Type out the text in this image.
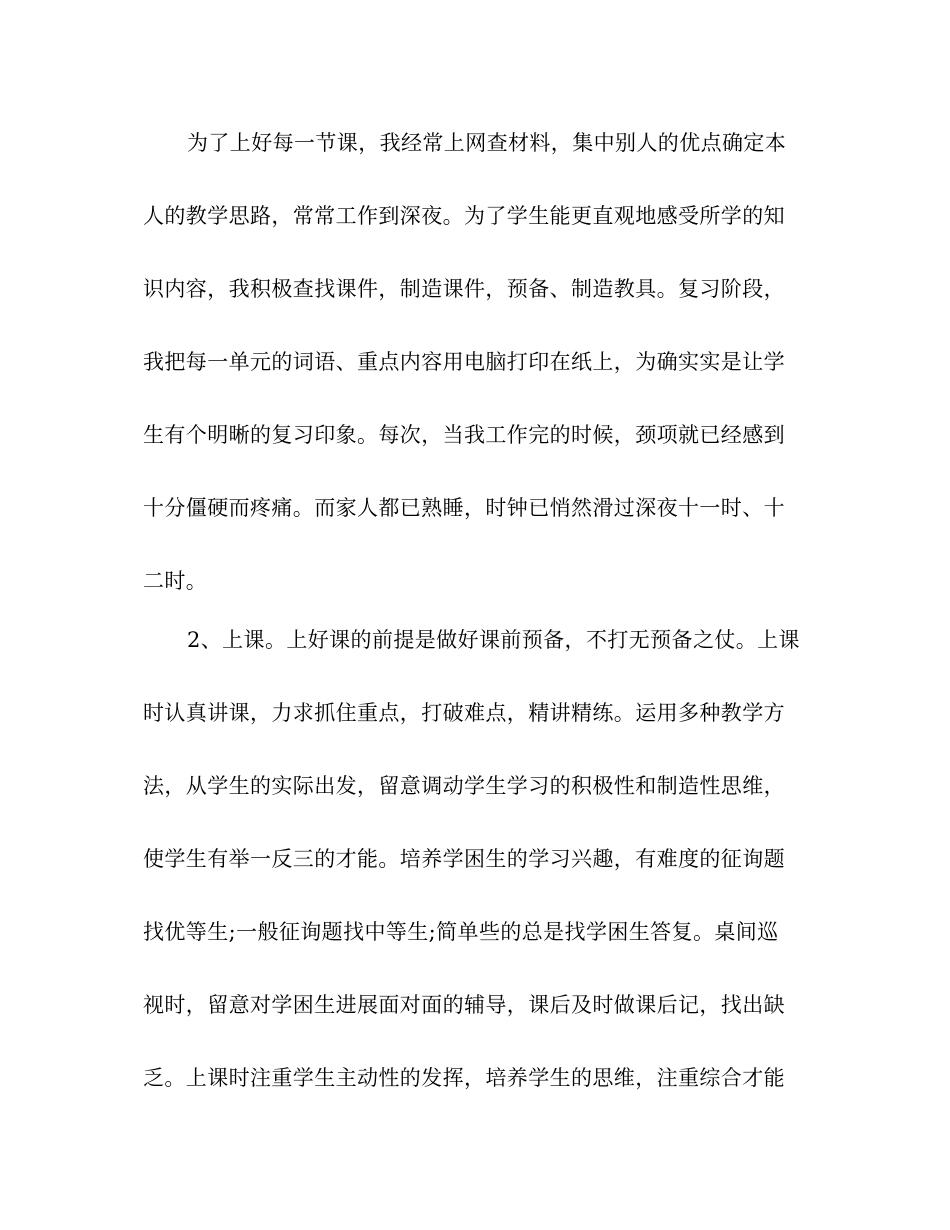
为了上好每一节课，我经常上网查材料，集中别人的优点确定本
人的教学思路，常常工作到深夜。为了学生能更直观地感受所学的知
识内容，我积极查找课件，制造课件，预备、制造教具。复习阶段，
我把每一单元的词语、重点内容用电脑打印在纸上，为确实实是让学
生有个明晰的复习印象。每次，当我工作完的时候，颈项就已经感到
十分僵硬而疼痛。而家人都已熟睡，时钟已悄然滑过深夜十一时、十
二时。
2、上课。上好课的前提是做好课前预备，不打无预备之仗。上课
时认真讲课，力求抓住重点，打破难点，精讲精练。运用多种教学方
法，从学生的实际出发，留意调动学生学习的积极性和制造性思维，
使学生有举一反三的才能。培养学困生的学习兴趣，有难度的征询题
找优等生;一般征询题找中等生;简单些的总是找学困生答复。桌间巡
视时，留意对学困生进展面对面的辅导，课后及时做课后记，找出缺
乏。上课时注重学生主动性的发挥，培养学生的思维，注重综合才能
